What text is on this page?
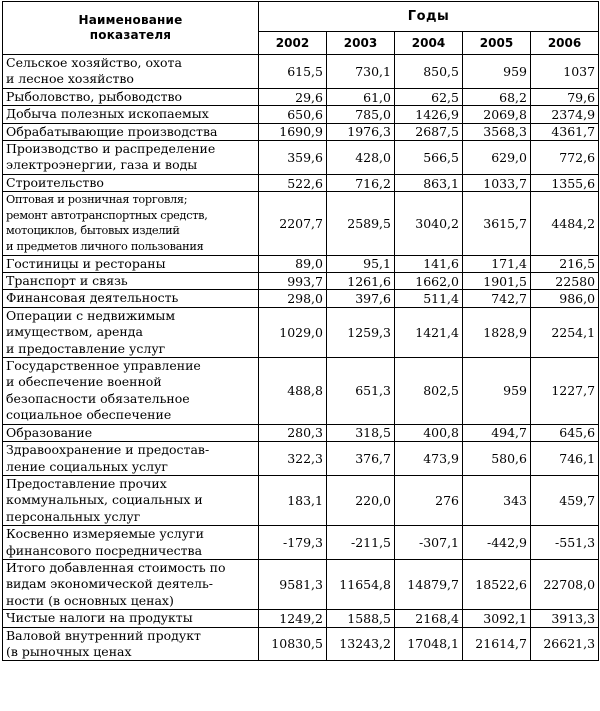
Наименование
показателя	Годы				
	2002	2003	2004	2005	2006
Сельское хозяйство, охота
и лесное хозяйство	615,5	730,1	850,5	959	1037
Рыболовство, рыбоводство	29,6	61,0	62,5	68,2	79,6
Добыча полезных ископаемых	650,6	785,0	1426,9	2069,8	2374,9
Обрабатывающие производства	1690,9	1976,3	2687,5	3568,3	4361,7
Производство и распределение
электроэнергии, газа и воды	359,6	428,0	566,5	629,0	772,6
Строительство	522,6	716,2	863,1	1033,7	1355,6
Оптовая и розничная торговля;
ремонт автотранспортных средств,
мотоциклов, бытовых изделий
и предметов личного пользования	2207,7	2589,5	3040,2	3615,7	4484,2
Гостиницы и рестораны	89,0	95,1	141,6	171,4	216,5
Транспорт и связь	993,7	1261,6	1662,0	1901,5	22580
Финансовая деятельность	298,0	397,6	511,4	742,7	986,0
Операции с недвижимым
имуществом, аренда
и предоставление услуг	1029,0	1259,3	1421,4	1828,9	2254,1
Государственное управление
и обеспечение военной
безопасности обязательное
социальное обеспечение	488,8	651,3	802,5	959	1227,7
Образование	280,3	318,5	400,8	494,7	645,6
Здравоохранение и предостав-
ление социальных услуг	322,3	376,7	473,9	580,6	746,1
Предоставление прочих
коммунальных, социальных и
персональных услуг	183,1	220,0	276	343	459,7
Косвенно измеряемые услуги
финансового посредничества	-179,3	-211,5	-307,1	-442,9	-551,3
Итого добавленная стоимость по
видам экономической деятель-
ности (в основных ценах)	9581,3	11654,8	14879,7	18522,6	22708,0
Чистые налоги на продукты	1249,2	1588,5	2168,4	3092,1	3913,3
Валовой внутренний продукт
(в рыночных ценах	10830,5	13243,2	17048,1	21614,7	26621,3
